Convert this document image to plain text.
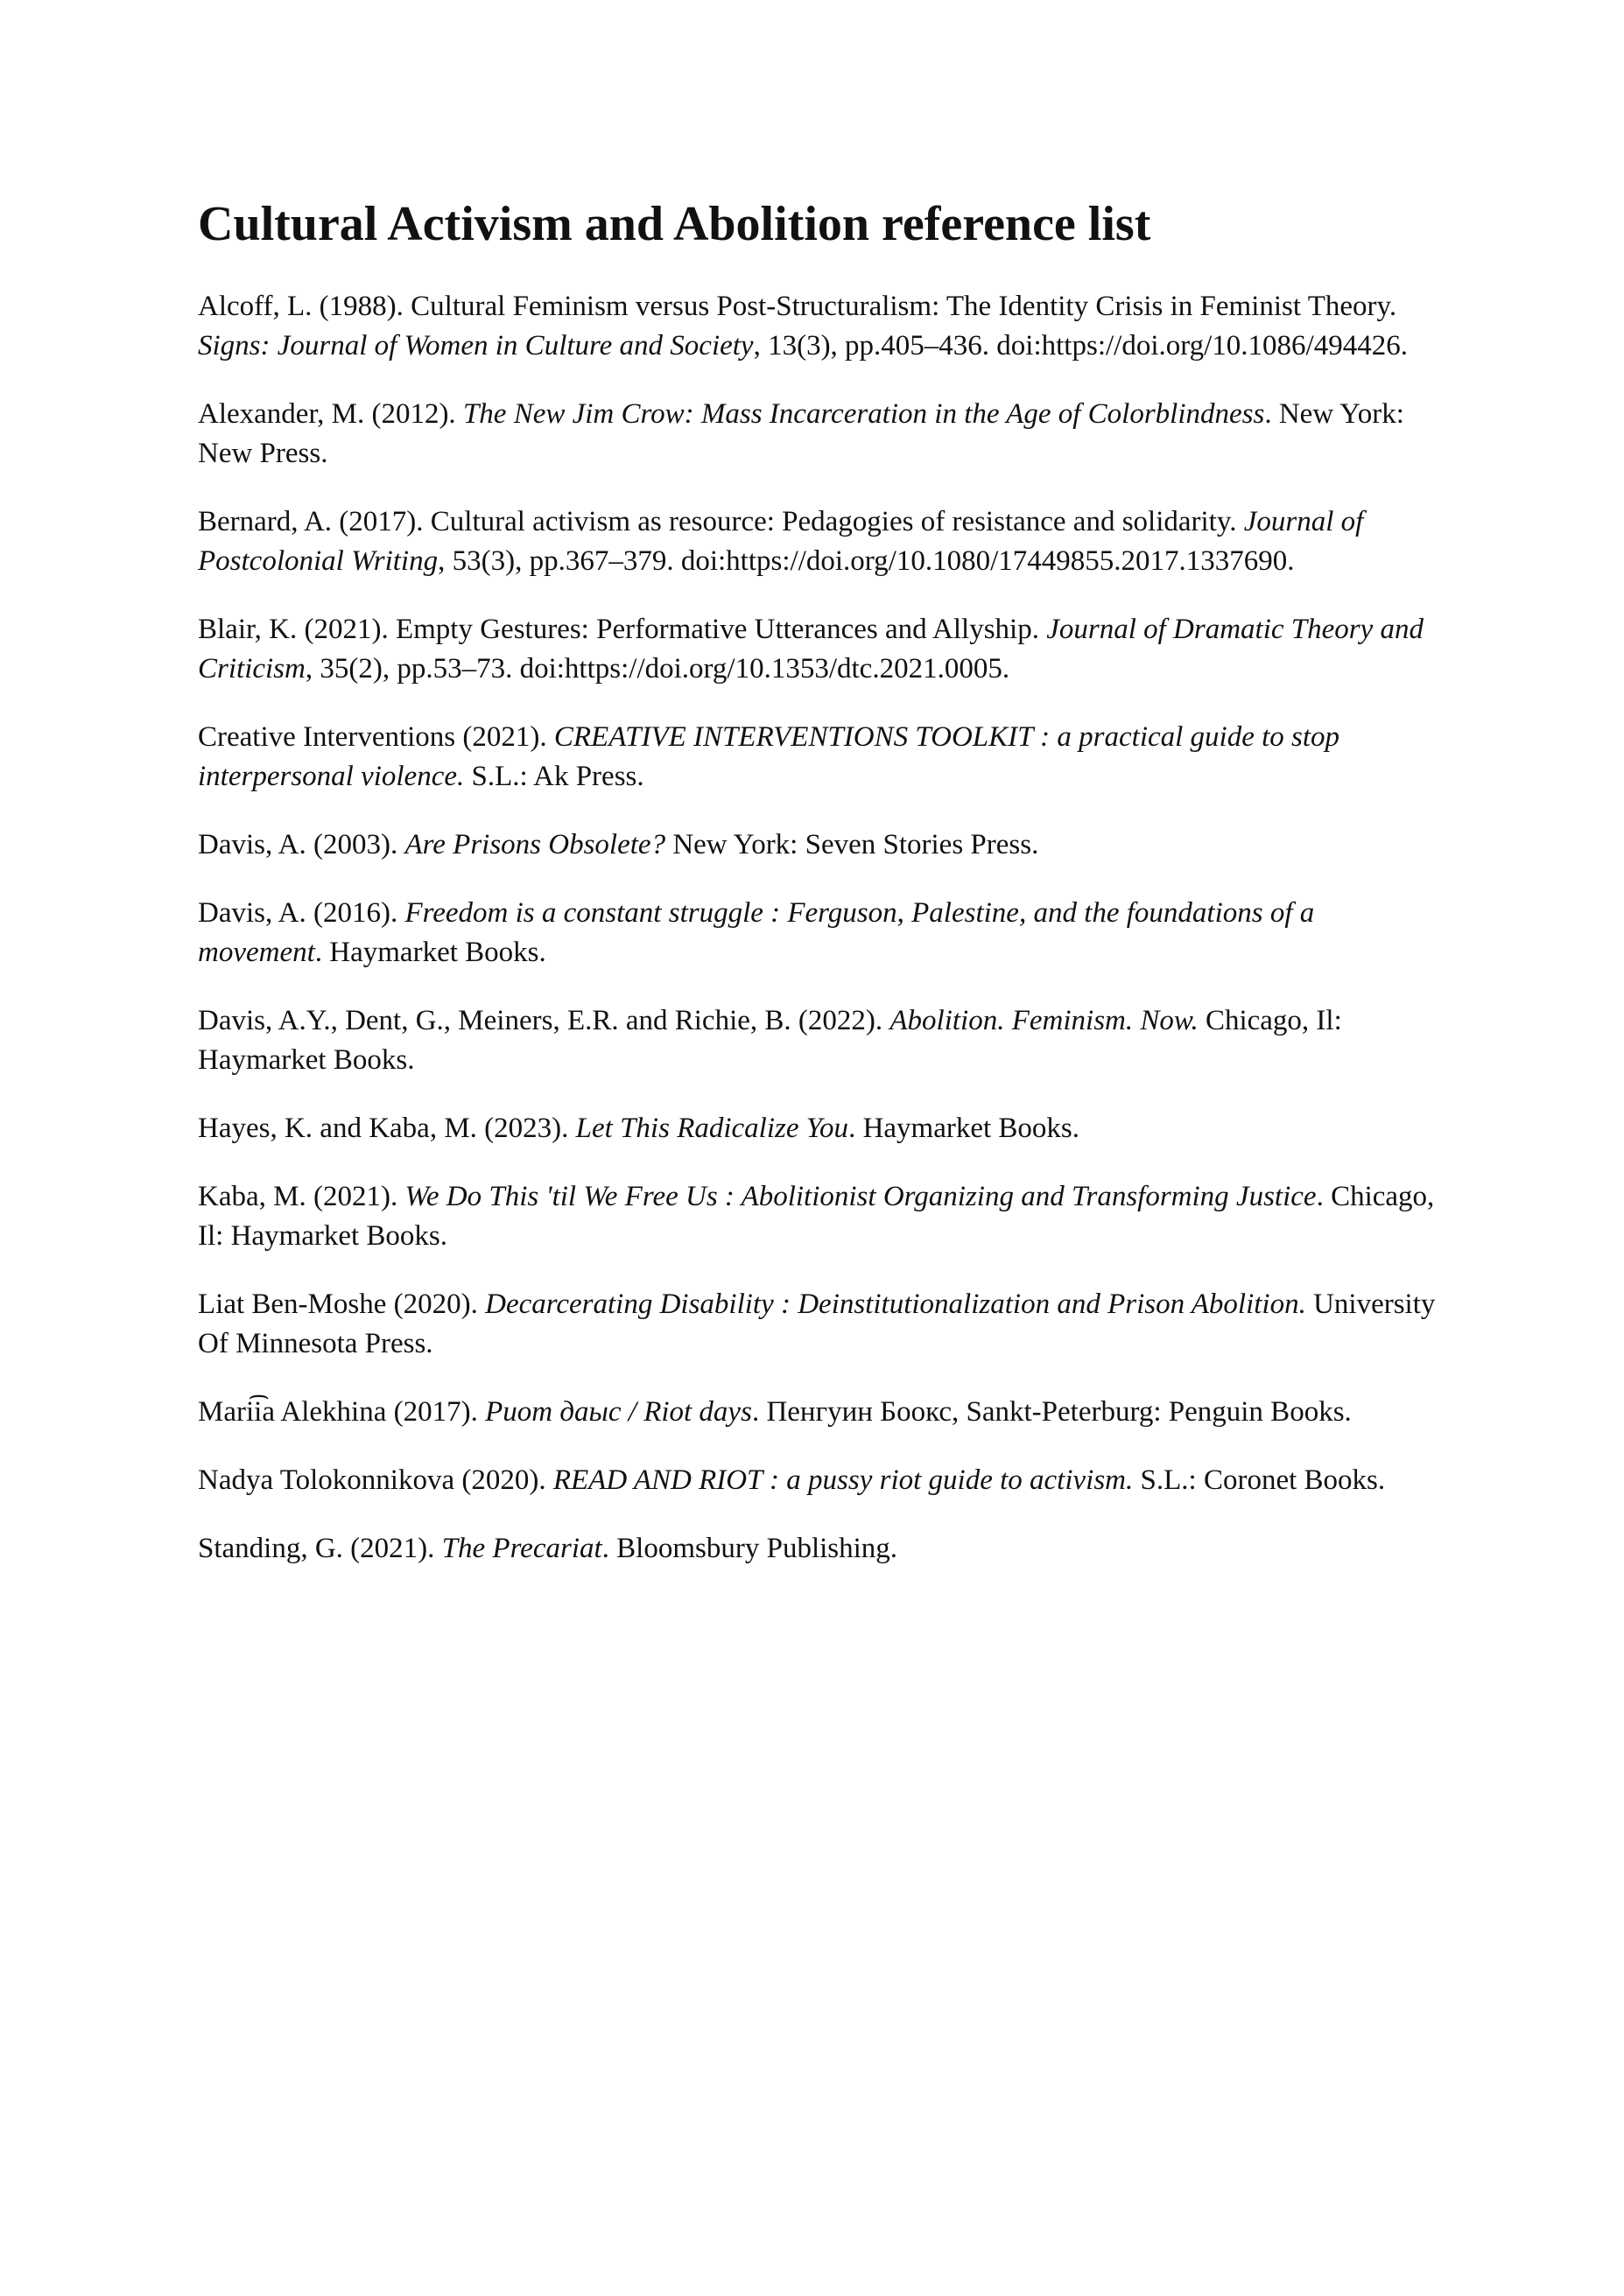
Cultural Activism and Abolition reference list
Alcoff, L. (1988). Cultural Feminism versus Post-Structuralism: The Identity Crisis in Feminist Theory. Signs: Journal of Women in Culture and Society, 13(3), pp.405–436. doi:https://doi.org/10.1086/494426.
Alexander, M. (2012). The New Jim Crow: Mass Incarceration in the Age of Colorblindness. New York: New Press.
Bernard, A. (2017). Cultural activism as resource: Pedagogies of resistance and solidarity. Journal of Postcolonial Writing, 53(3), pp.367–379. doi:https://doi.org/10.1080/17449855.2017.1337690.
Blair, K. (2021). Empty Gestures: Performative Utterances and Allyship. Journal of Dramatic Theory and Criticism, 35(2), pp.53–73. doi:https://doi.org/10.1353/dtc.2021.0005.
Creative Interventions (2021). CREATIVE INTERVENTIONS TOOLKIT : a practical guide to stop interpersonal violence. S.L.: Ak Press.
Davis, A. (2003). Are Prisons Obsolete? New York: Seven Stories Press.
Davis, A. (2016). Freedom is a constant struggle : Ferguson, Palestine, and the foundations of a movement. Haymarket Books.
Davis, A.Y., Dent, G., Meiners, E.R. and Richie, B. (2022). Abolition. Feminism. Now. Chicago, Il: Haymarket Books.
Hayes, K. and Kaba, M. (2023). Let This Radicalize You. Haymarket Books.
Kaba, M. (2021). We Do This 'til We Free Us : Abolitionist Organizing and Transforming Justice. Chicago, Il: Haymarket Books.
Liat Ben-Moshe (2020). Decarcerating Disability : Deinstitutionalization and Prison Abolition. University Of Minnesota Press.
Mari͡ia Alekhina (2017). Риот даыс / Riot days. Пенгуин Боокс, Sankt-Peterburg: Penguin Books.
Nadya Tolokonnikova (2020). READ AND RIOT : a pussy riot guide to activism. S.L.: Coronet Books.
Standing, G. (2021). The Precariat. Bloomsbury Publishing.
